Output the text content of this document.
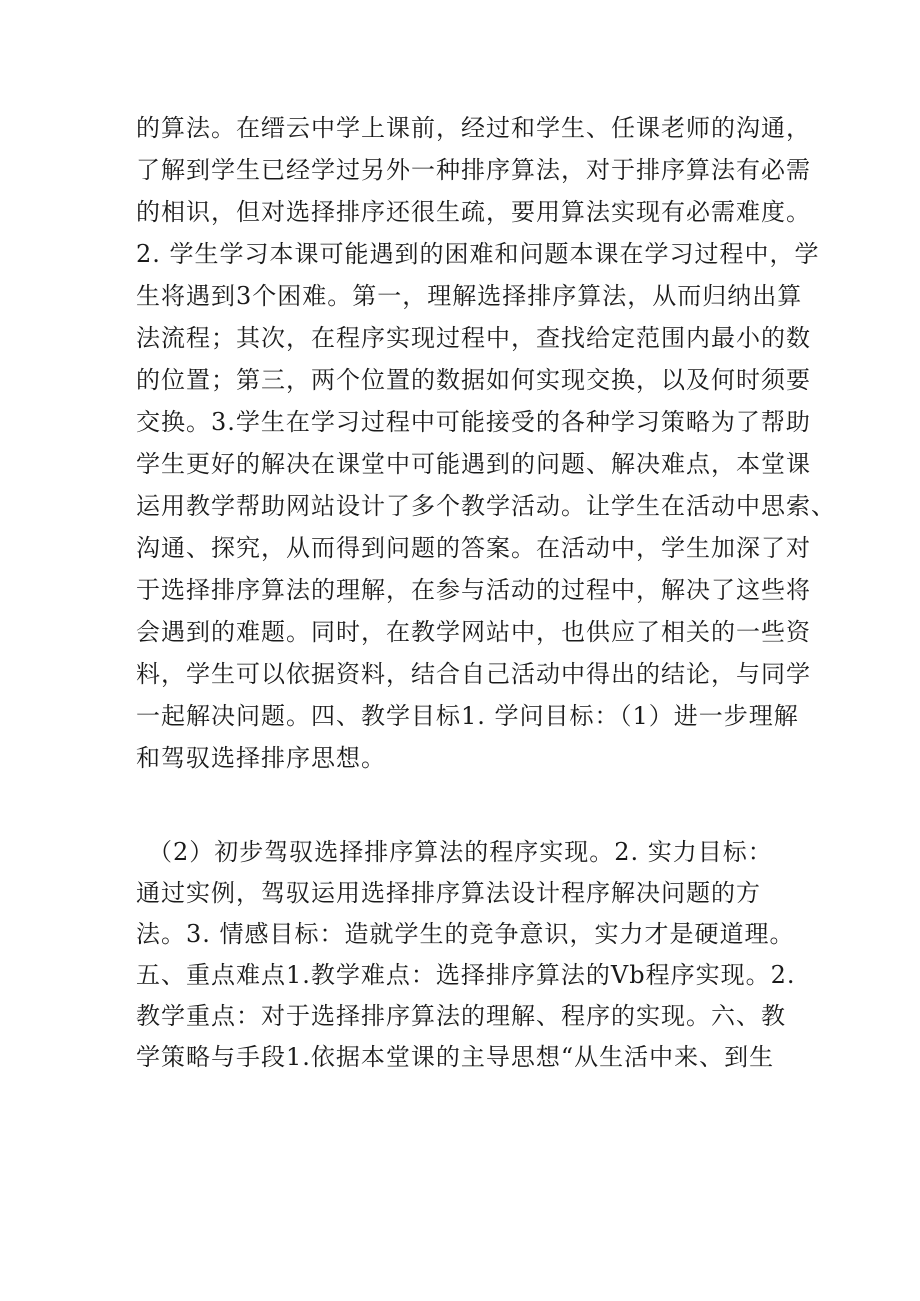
的算法。在缙云中学上课前，经过和学生、任课老师的沟通，
了解到学生已经学过另外一种排序算法，对于排序算法有必需
的相识，但对选择排序还很生疏，要用算法实现有必需难度。
2. 学生学习本课可能遇到的困难和问题本课在学习过程中，学
生将遇到3个困难。第一，理解选择排序算法，从而归纳出算
法流程；其次，在程序实现过程中，查找给定范围内最小的数
的位置；第三，两个位置的数据如何实现交换，以及何时须要
交换。3.学生在学习过程中可能接受的各种学习策略为了帮助
学生更好的解决在课堂中可能遇到的问题、解决难点，本堂课
运用教学帮助网站设计了多个教学活动。让学生在活动中思索、
沟通、探究，从而得到问题的答案。在活动中，学生加深了对
于选择排序算法的理解，在参与活动的过程中，解决了这些将
会遇到的难题。同时，在教学网站中，也供应了相关的一些资
料，学生可以依据资料，结合自己活动中得出的结论，与同学
一起解决问题。四、教学目标1. 学问目标：（1）进一步理解
和驾驭选择排序思想。
（2）初步驾驭选择排序算法的程序实现。2. 实力目标：
通过实例，驾驭运用选择排序算法设计程序解决问题的方
法。3. 情感目标：造就学生的竞争意识，实力才是硬道理。
五、重点难点1.教学难点：选择排序算法的Vb程序实现。2.
教学重点：对于选择排序算法的理解、程序的实现。六、教
学策略与手段1.依据本堂课的主导思想“从生活中来、到生
